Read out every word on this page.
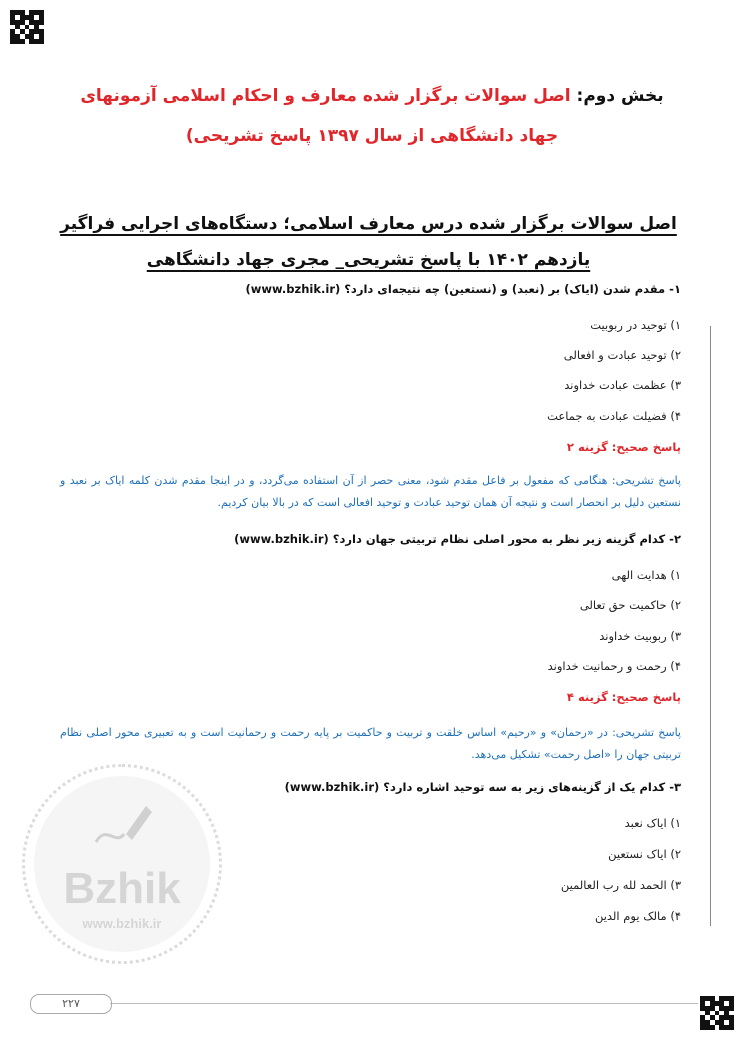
بخش دوم: اصل سوالات برگزار شده معارف و احکام اسلامی آزمونهای جهاد دانشگاهی از سال ۱۳۹۷ پاسخ تشریحی)
اصل سوالات برگزار شده درس معارف اسلامی؛ دستگاه‌های اجرایی فراگیر یازدهم ۱۴۰۲ با پاسخ تشریحی_ مجری جهاد دانشگاهی
۱- مقدم شدن (ایاک) بر (نعبد) و (نستعین) چه نتیجه‌ای دارد؟ (www.bzhik.ir)
۱) توحید در ربوبیت
۲) توحید عبادت و افعالی
۳) عظمت عبادت خداوند
۴) فضیلت عبادت به جماعت
پاسخ صحیح: گزینه ۲
پاسخ تشریحی: هنگامی که مفعول بر فاعل مقدم شود، معنی حصر از آن استفاده می‌گردد، و در اینجا مقدم شدن کلمه ایاک بر نعبد و نستعین دلیل بر انحصار است و نتیجه آن همان توحید عبادت و توحید افعالی است که در بالا بیان کردیم.
۲- کدام گزینه زیر نظر به محور اصلی نظام تربیتی جهان دارد؟ (www.bzhik.ir)
۱) هدایت الهی
۲) حاکمیت حق تعالی
۳) ربوبیت خداوند
۴) رحمت و رحمانیت خداوند
پاسخ صحیح: گزینه ۴
پاسخ تشریحی: در «رحمان» و «رحیم» اساس خلقت و تربیت و حاکمیت بر پایه رحمت و رحمانیت است و به تعبیری محور اصلی نظام تربیتی جهان را «اصل رحمت» تشکیل می‌دهد.
۳- کدام یک از گزینه‌های زیر به سه توحید اشاره دارد؟ (www.bzhik.ir)
۱) ایاک نعبد
۲) ایاک نستعین
۳) الحمد لله رب العالمین
۴) مالک یوم الدین
Bzhik
www.bzhik.ir
۲۲۷
